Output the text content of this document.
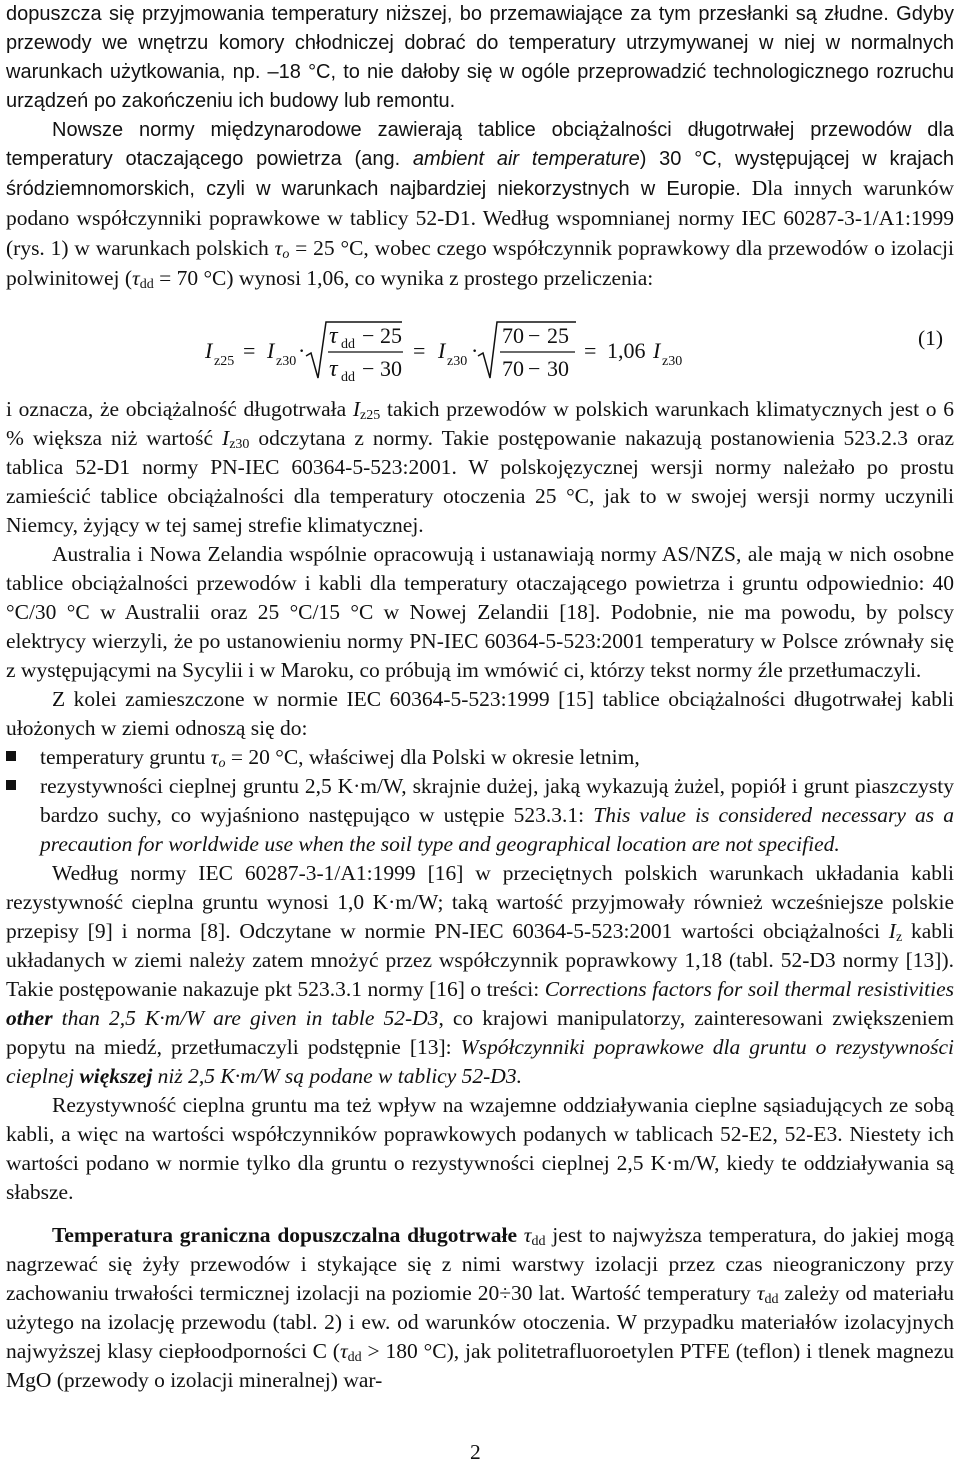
dopuszcza się przyjmowania temperatury niższej, bo przemawiające za tym przesłanki są złudne. Gdyby przewody we wnętrzu komory chłodniczej dobrać do temperatury utrzymywanej w niej w normalnych warunkach użytkowania, np. –18 °C, to nie dałoby się w ogóle przeprowadzić technologicznego rozruchu urządzeń po zakończeniu ich budowy lub remontu.

Nowsze normy międzynarodowe zawierają tablice obciążalności długotrwałej przewodów dla temperatury otaczającego powietrza (ang. ambient air temperature) 30 °C, występującej w krajach śródziemnomorskich, czyli w warunkach najbardziej niekorzystnych w Europie. Dla innych warunków podano współczynniki poprawkowe w tablicy 52-D1. Według wspomnianej normy IEC 60287-3-1/A1:1999 (rys. 1) w warunkach polskich $\tau_o = 25$ °C, wobec czego współczynnik poprawkowy dla przewodów o izolacji polwinitowej ($\tau_{dd} = 70$ °C) wynosi 1,06, co wynika z prostego przeliczenia:

I z25 = I z30 ·
τ dd − 25
τ dd − 30
= I z30 ·
70 − 25
70 − 30
= 1,06 I z30
(1)

i oznacza, że obciążalność długotrwała $I_{z25}$ takich przewodów w polskich warunkach klimatycznych jest o 6 % większa niż wartość $I_{z30}$ odczytana z normy. Takie postępowanie nakazują postanowienia 523.2.3 oraz tablica 52-D1 normy PN-IEC 60364-5-523:2001. W polskojęzycznej wersji normy należało po prostu zamieścić tablice obciążalności dla temperatury otoczenia 25 °C, jak to w swojej wersji normy uczynili Niemcy, żyjący w tej samej strefie klimatycznej.

Australia i Nowa Zelandia wspólnie opracowują i ustanawiają normy AS/NZS, ale mają w nich osobne tablice obciążalności przewodów i kabli dla temperatury otaczającego powietrza i gruntu odpowiednio: 40 °C/30 °C w Australii oraz 25 °C/15 °C w Nowej Zelandii [18]. Podobnie, nie ma powodu, by polscy elektrycy wierzyli, że po ustanowieniu normy PN-IEC 60364-5-523:2001 temperatury w Polsce zrównały się z występującymi na Sycylii i w Maroku, co próbują im wmówić ci, którzy tekst normy źle przetłumaczyli.

Z kolei zamieszczone w normie IEC 60364-5-523:1999 [15] tablice obciążalności długotrwałej kabli ułożonych w ziemi odnoszą się do:

temperatury gruntu $\tau_o = 20$ °C, właściwej dla Polski w okresie letnim,
rezystywności cieplnej gruntu 2,5 K·m/W, skrajnie dużej, jaką wykazują żużel, popiół i grunt piaszczysty bardzo suchy, co wyjaśniono następująco w ustępie 523.3.1: This value is considered necessary as a precaution for worldwide use when the soil type and geographical location are not specified.

Według normy IEC 60287-3-1/A1:1999 [16] w przeciętnych polskich warunkach układania kabli rezystywność cieplna gruntu wynosi 1,0 K·m/W; taką wartość przyjmowały również wcześniejsze polskie przepisy [9] i norma [8]. Odczytane w normie PN-IEC 60364-5-523:2001 wartości obciążalności $I_z$ kabli układanych w ziemi należy zatem mnożyć przez współczynnik poprawkowy 1,18 (tabl. 52-D3 normy [13]). Takie postępowanie nakazuje pkt 523.3.1 normy [16] o treści: Corrections factors for soil thermal resistivities other than 2,5 K·m/W are given in table 52-D3, co krajowi manipulatorzy, zainteresowani zwiększeniem popytu na miedź, przetłumaczyli podstępnie [13]: Współczynniki poprawkowe dla gruntu o rezystywności cieplnej większej niż 2,5 K·m/W są podane w tablicy 52-D3.

Rezystywność cieplna gruntu ma też wpływ na wzajemne oddziaływania cieplne sąsiadujących ze sobą kabli, a więc na wartości współczynników poprawkowych podanych w tablicach 52-E2, 52-E3. Niestety ich wartości podano w normie tylko dla gruntu o rezystywności cieplnej 2,5 K·m/W, kiedy te oddziaływania są słabsze.

Temperatura graniczna dopuszczalna długotrwałe $\tau_{dd}$ jest to najwyższa temperatura, do jakiej mogą nagrzewać się żyły przewodów i stykające się z nimi warstwy izolacji przez czas nieograniczony przy zachowaniu trwałości termicznej izolacji na poziomie 20÷30 lat. Wartość temperatury $\tau_{dd}$ zależy od materiału użytego na izolację przewodu (tabl. 2) i ew. od warunków otoczenia. W przypadku materiałów izolacyjnych najwyższej klasy ciepłoodporności C ($\tau_{dd} > 180$ °C), jak politetrafluoroetylen PTFE (teflon) i tlenek magnezu MgO (przewody o izolacji mineralnej) war-

2
